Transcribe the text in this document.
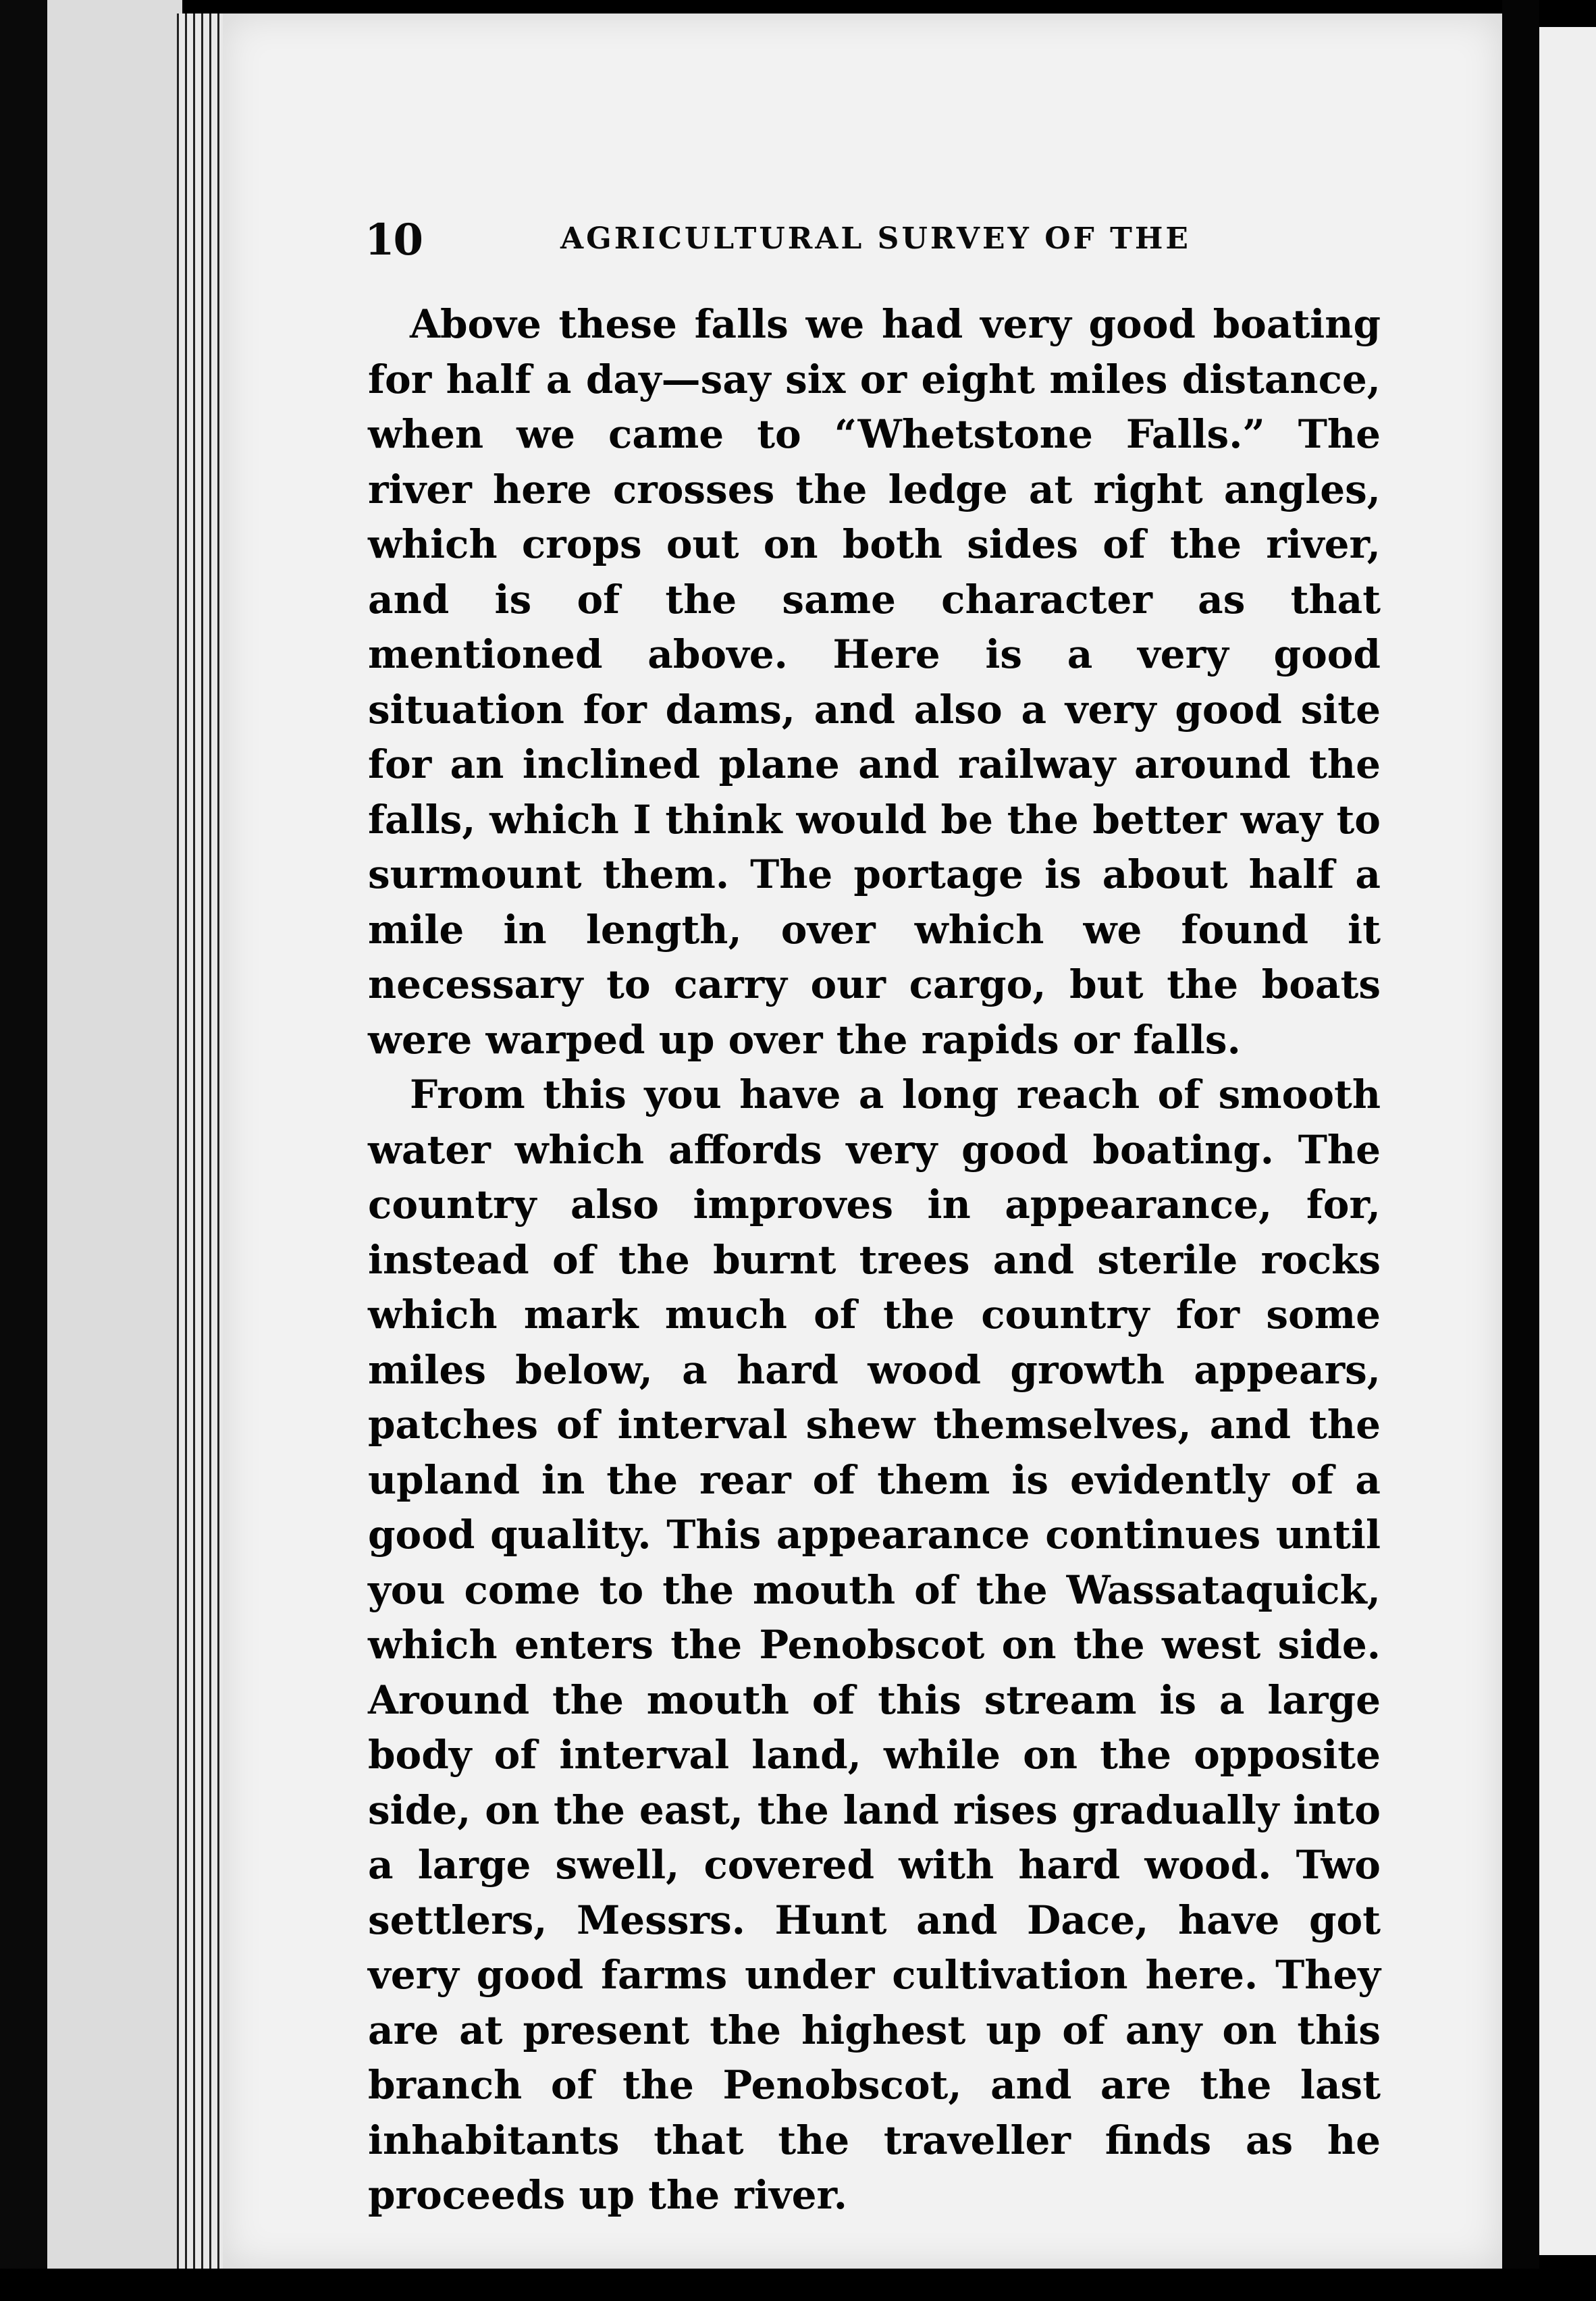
10	AGRICULTURAL SURVEY OF THE

Above these falls we had very good boating for half a day—say six or eight miles distance, when we came to “Whetstone Falls.” The river here crosses the ledge at right angles, which crops out on both sides of the river, and is of the same character as that mentioned above. Here is a very good situation for dams, and also a very good site for an inclined plane and railway around the falls, which I think would be the better way to surmount them. The portage is about half a mile in length, over which we found it necessary to carry our cargo, but the boats were warped up over the rapids or falls.

From this you have a long reach of smooth water which affords very good boating. The country also improves in appearance, for, instead of the burnt trees and sterile rocks which mark much of the country for some miles below, a hard wood growth appears, patches of interval shew themselves, and the upland in the rear of them is evidently of a good quality. This appearance continues until you come to the mouth of the Wassataquick, which enters the Penobscot on the west side. Around the mouth of this stream is a large body of interval land, while on the opposite side, on the east, the land rises gradually into a large swell, covered with hard wood. Two settlers, Messrs. Hunt and Dace, have got very good farms under cultivation here. They are at present the highest up of any on this branch of the Penobscot, and are the last inhabitants that the traveller finds as he proceeds up the river.
